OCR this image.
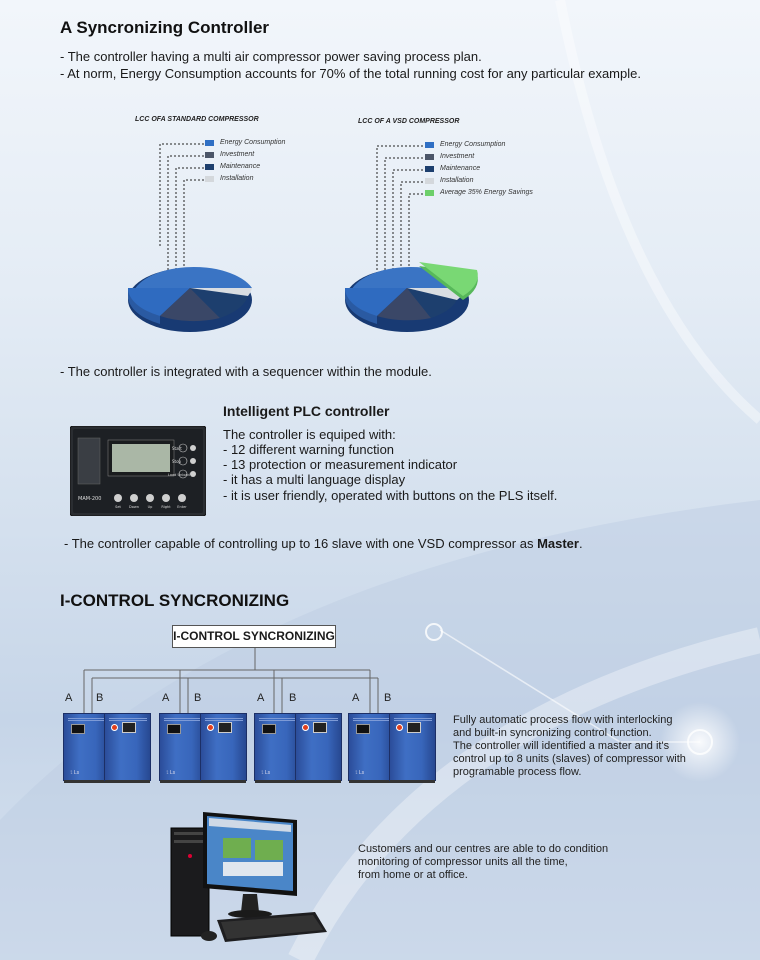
A Syncronizing Controller
- The controller having a multi air compressor power saving process plan.
- At norm, Energy Consumption accounts for 70% of the total running cost for any particular example.
LCC OFA STANDARD COMPRESSOR
Energy Consumption
Investment
Maintenance
Installation
LCC OF A VSD COMPRESSOR
Energy Consumption
Investment
Maintenance
Installation
Average 35% Energy Savings
- The controller is integrated with a sequencer within the module.
Start
Stop
Load Unload
MAM-200
Set Down Up	Right Enter
Intelligent PLC controller
The controller is equiped with:
- 12 different warning function
- 13 protection or measurement indicator
- it has a multi language display
- it is user friendly, operated with buttons on the PLS itself.
- The controller capable of controlling up to 16 slave with one VSD compressor as Master.
I-CONTROL SYNCRONIZING
I-CONTROL SYNCRONIZING
A B	A B	A B	A B
ﾐ Ls	ﾐ Ls	ﾐ Ls	ﾐ Ls
Fully automatic process flow with interlocking
and built-in syncronizing control function.
The controller will identified a master and it's
control up to 8 units (slaves) of compressor with
programable process flow.
Customers and our centres are able to do condition
monitoring of compressor units all the time,
from home or at office.
